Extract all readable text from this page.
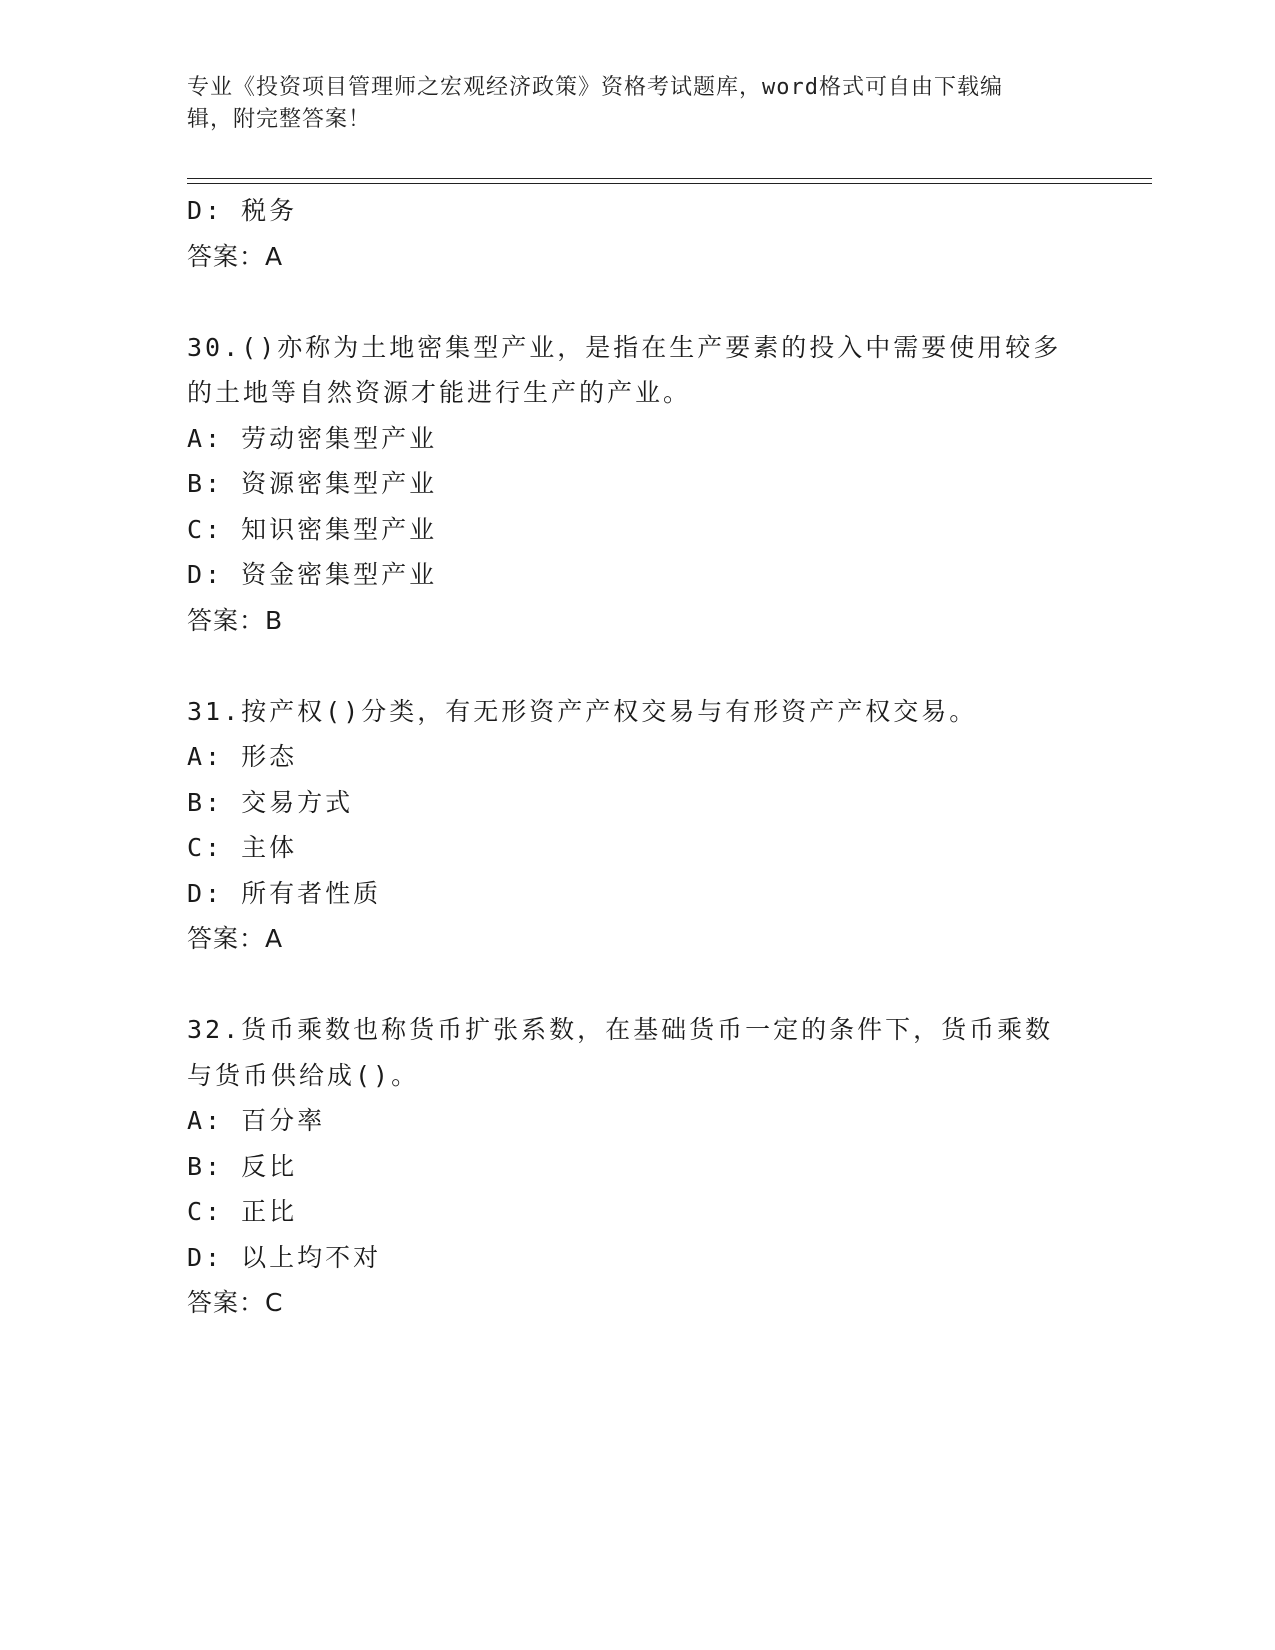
专业《投资项目管理师之宏观经济政策》资格考试题库，word格式可自由下载编
辑，附完整答案！
D: 税务
答案：A
30.()亦称为土地密集型产业，是指在生产要素的投入中需要使用较多
的土地等自然资源才能进行生产的产业。
A: 劳动密集型产业
B: 资源密集型产业
C: 知识密集型产业
D: 资金密集型产业
答案：B
31.按产权()分类，有无形资产产权交易与有形资产产权交易。
A: 形态
B: 交易方式
C: 主体
D: 所有者性质
答案：A
32.货币乘数也称货币扩张系数，在基础货币一定的条件下，货币乘数
与货币供给成()。
A: 百分率
B: 反比
C: 正比
D: 以上均不对
答案：C
